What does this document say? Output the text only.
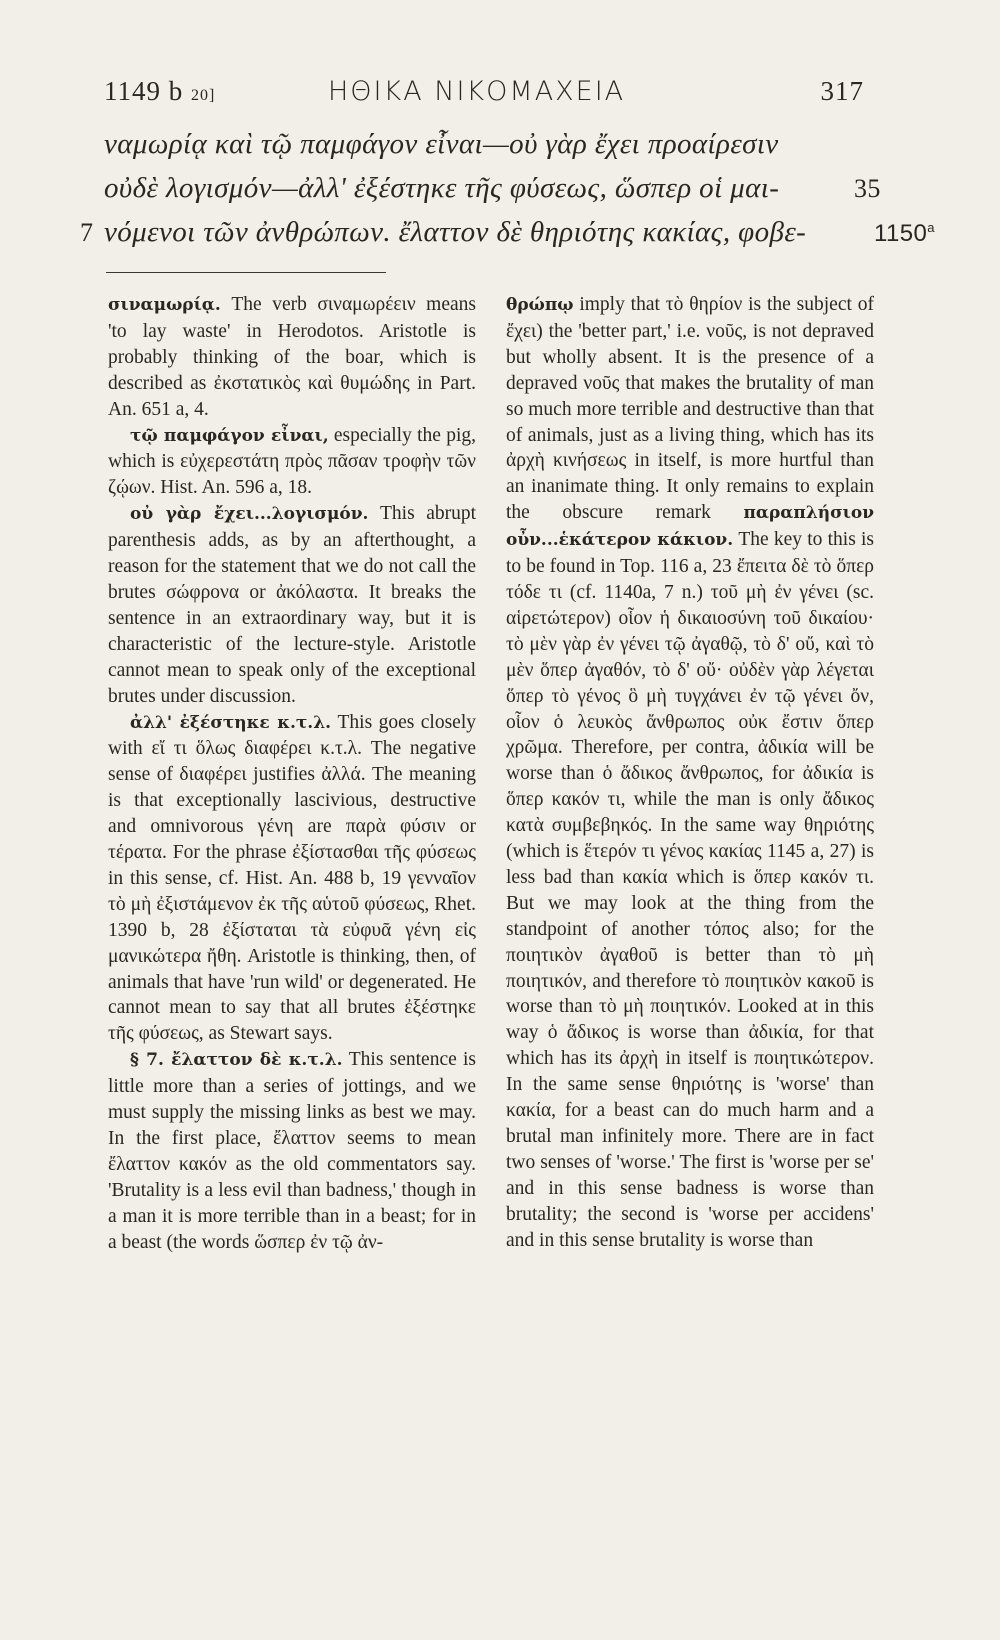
1149 b 20]	ΗΘΙΚΑ ΝΙΚΟΜΑΧΕΙΑ	317
ναμωρίᾳ καὶ τῷ παμφάγον εἶναι—οὐ γὰρ ἔχει προαίρεσιν
οὐδὲ λογισμόν—ἀλλ' ἐξέστηκε τῆς φύσεως, ὥσπερ οἱ μαι-	35
7 νόμενοι τῶν ἀνθρώπων. ἔλαττον δὲ θηριότης κακίας, φοβε-	1150$^a$

σιναμωρίᾳ. The verb σιναμωρέειν means 'to lay waste' in Herodotos. Aristotle is probably thinking of the boar, which is described as ἐκστατικὸς καὶ θυμώδης in Part. An. 651 a, 4.

τῷ παμφάγον εἶναι, especially the pig, which is εὐχερεστάτη πρὸς πᾶσαν τροφὴν τῶν ζῴων. Hist. An. 596 a, 18.

οὐ γὰρ ἔχει...λογισμόν. This abrupt parenthesis adds, as by an afterthought, a reason for the statement that we do not call the brutes σώφρονα or ἀκόλαστα. It breaks the sentence in an extraordinary way, but it is characteristic of the lecture-style. Aristotle cannot mean to speak only of the exceptional brutes under discussion.

ἀλλ' ἐξέστηκε κ.τ.λ. This goes closely with εἴ τι ὅλως διαφέρει κ.τ.λ. The negative sense of διαφέρει justifies ἀλλά. The meaning is that exceptionally lascivious, destructive and omnivorous γένη are παρὰ φύσιν or τέρατα. For the phrase ἐξίστασθαι τῆς φύσεως in this sense, cf. Hist. An. 488 b, 19 γενναῖον τὸ μὴ ἐξιστάμενον ἐκ τῆς αὑτοῦ φύσεως, Rhet. 1390 b, 28 ἐξίσταται τὰ εὐφυᾶ γένη εἰς μανικώτερα ἤθη. Aristotle is thinking, then, of animals that have 'run wild' or degenerated. He cannot mean to say that all brutes ἐξέστηκε τῆς φύσεως, as Stewart says.

§ 7. ἔλαττον δὲ κ.τ.λ. This sentence is little more than a series of jottings, and we must supply the missing links as best we may. In the first place, ἔλαττον seems to mean ἔλαττον κακόν as the old commentators say. 'Brutality is a less evil than badness,' though in a man it is more terrible than in a beast; for in a beast (the words ὥσπερ ἐν τῷ ἀν-

θρώπῳ imply that τὸ θηρίον is the subject of ἔχει) the 'better part,' i.e. νοῦς, is not depraved but wholly absent. It is the presence of a depraved νοῦς that makes the brutality of man so much more terrible and destructive than that of animals, just as a living thing, which has its ἀρχὴ κινήσεως in itself, is more hurtful than an inanimate thing. It only remains to explain the obscure remark παραπλήσιον οὖν...ἑκάτερον κάκιον. The key to this is to be found in Top. 116 a, 23 ἔπειτα δὲ τὸ ὅπερ τόδε τι (cf. 1140a, 7 n.) τοῦ μὴ ἐν γένει (sc. αἱρετώτερον) οἷον ἡ δικαιοσύνη τοῦ δικαίου· τὸ μὲν γὰρ ἐν γένει τῷ ἀγαθῷ, τὸ δ' οὔ, καὶ τὸ μὲν ὅπερ ἀγαθόν, τὸ δ' οὔ· οὐδὲν γὰρ λέγεται ὅπερ τὸ γένος ὃ μὴ τυγχάνει ἐν τῷ γένει ὄν, οἷον ὁ λευκὸς ἄνθρωπος οὐκ ἔστιν ὅπερ χρῶμα. Therefore, per contra, ἀδικία will be worse than ὁ ἄδικος ἄνθρωπος, for ἀδικία is ὅπερ κακόν τι, while the man is only ἄδικος κατὰ συμβεβηκός. In the same way θηριότης (which is ἕτερόν τι γένος κακίας 1145 a, 27) is less bad than κακία which is ὅπερ κακόν τι. But we may look at the thing from the standpoint of another τόπος also; for the ποιητικὸν ἀγαθοῦ is better than τὸ μὴ ποιητικόν, and therefore τὸ ποιητικὸν κακοῦ is worse than τὸ μὴ ποιητικόν. Looked at in this way ὁ ἄδικος is worse than ἀδικία, for that which has its ἀρχὴ in itself is ποιητικώτερον. In the same sense θηριότης is 'worse' than κακία, for a beast can do much harm and a brutal man infinitely more. There are in fact two senses of 'worse.' The first is 'worse per se' and in this sense badness is worse than brutality; the second is 'worse per accidens' and in this sense brutality is worse than
